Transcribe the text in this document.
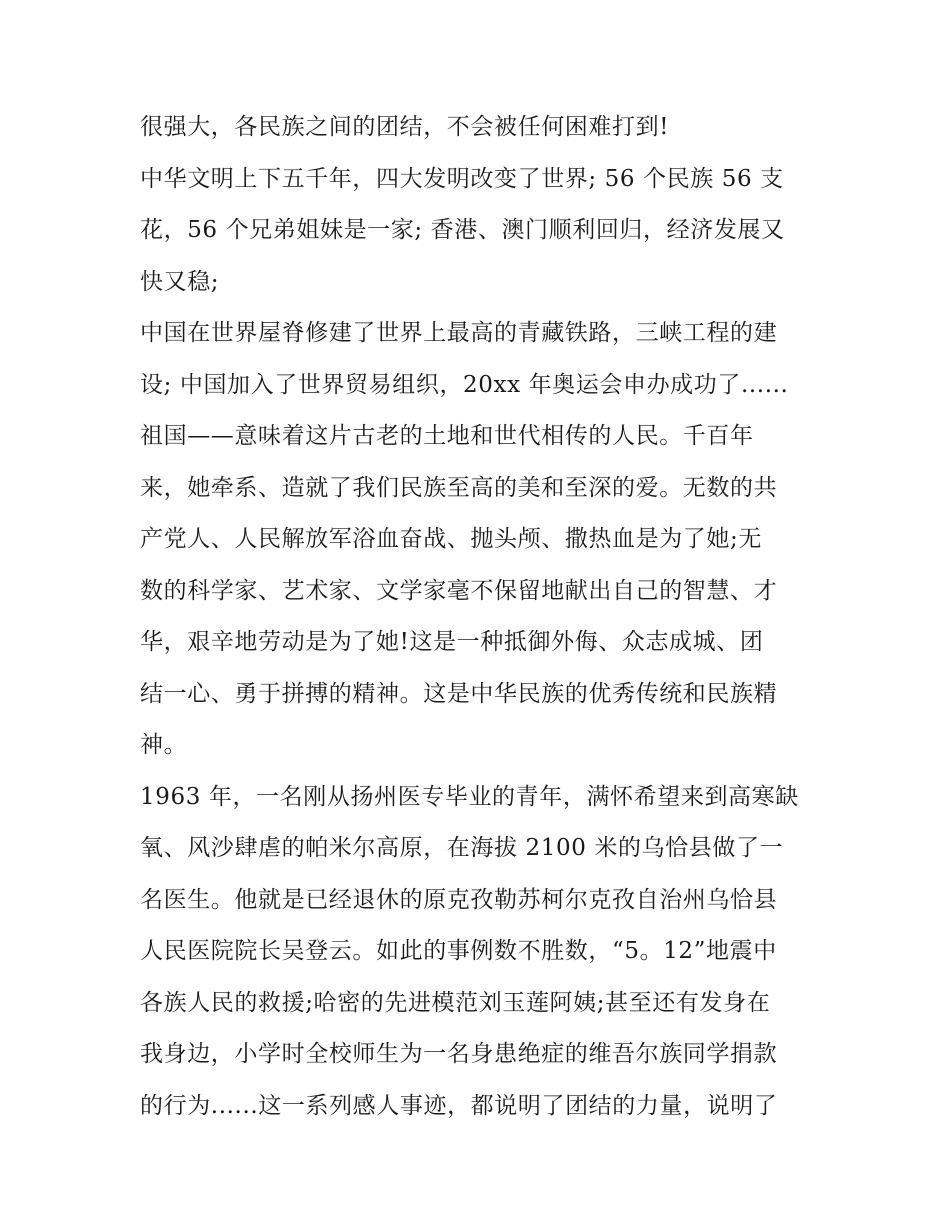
很强大，各民族之间的团结，不会被任何困难打到!
中华文明上下五千年，四大发明改变了世界; 56 个民族 56 支
花，56 个兄弟姐妹是一家; 香港、澳门顺利回归，经济发展又
快又稳;
中国在世界屋脊修建了世界上最高的青藏铁路，三峡工程的建
设; 中国加入了世界贸易组织，20xx 年奥运会申办成功了......
祖国——意味着这片古老的土地和世代相传的人民。千百年
来，她牵系、造就了我们民族至高的美和至深的爱。无数的共
产党人、人民解放军浴血奋战、抛头颅、撒热血是为了她;无
数的科学家、艺术家、文学家毫不保留地献出自己的智慧、才
华，艰辛地劳动是为了她!这是一种抵御外侮、众志成城、团
结一心、勇于拼搏的精神。这是中华民族的优秀传统和民族精
神。
1963 年，一名刚从扬州医专毕业的青年，满怀希望来到高寒缺
氧、风沙肆虐的帕米尔高原，在海拔 2100 米的乌恰县做了一
名医生。他就是已经退休的原克孜勒苏柯尔克孜自治州乌恰县
人民医院院长吴登云。如此的事例数不胜数，“5。12”地震中
各族人民的救援;哈密的先进模范刘玉莲阿姨;甚至还有发身在
我身边，小学时全校师生为一名身患绝症的维吾尔族同学捐款
的行为......这一系列感人事迹，都说明了团结的力量，说明了
